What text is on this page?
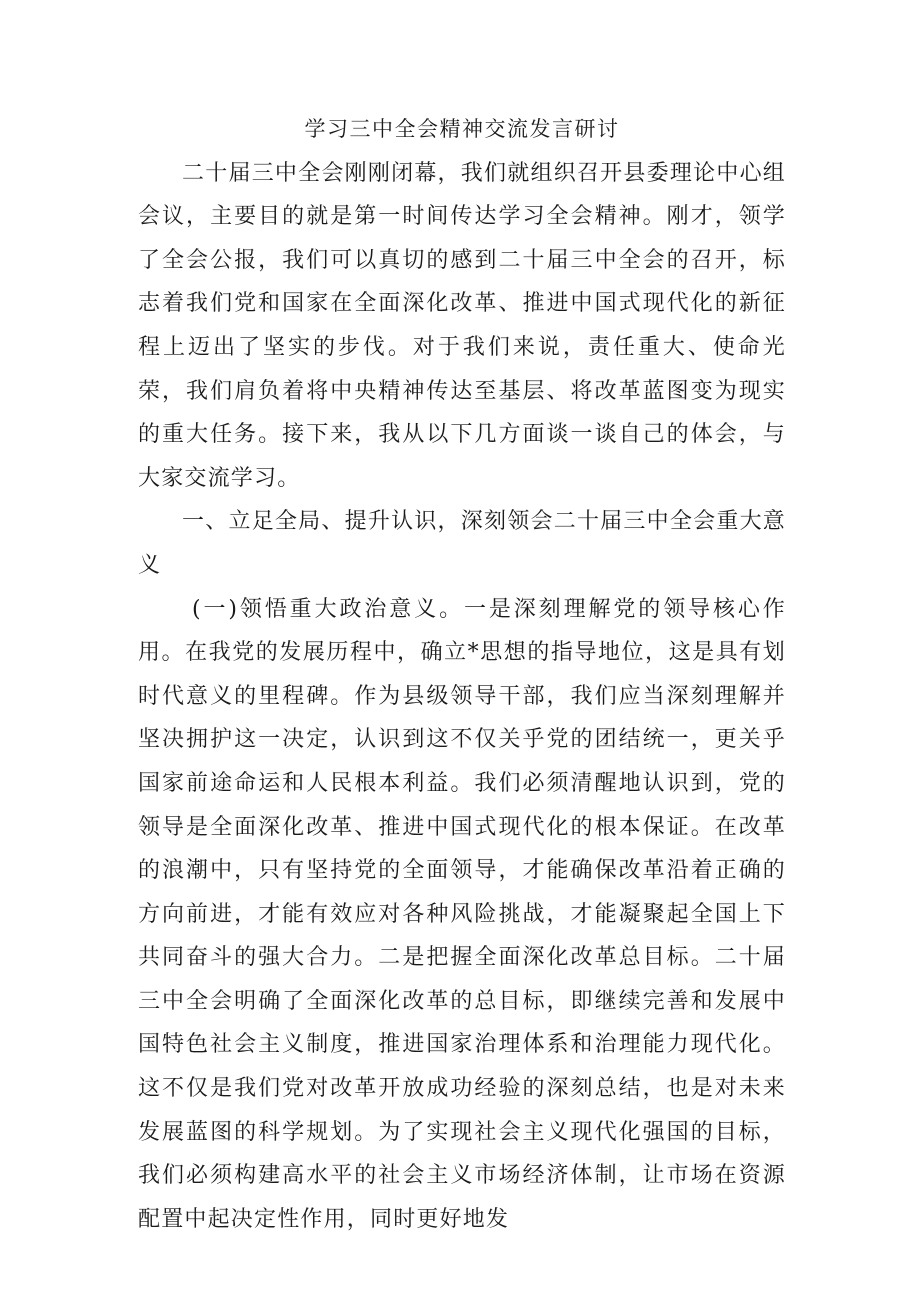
学习三中全会精神交流发言研讨

二十届三中全会刚刚闭幕，我们就组织召开县委理论中心组会议，主要目的就是第一时间传达学习全会精神。刚才，领学了全会公报，我们可以真切的感到二十届三中全会的召开，标志着我们党和国家在全面深化改革、推进中国式现代化的新征程上迈出了坚实的步伐。对于我们来说，责任重大、使命光荣，我们肩负着将中央精神传达至基层、将改革蓝图变为现实的重大任务。接下来，我从以下几方面谈一谈自己的体会，与大家交流学习。

一、立足全局、提升认识，深刻领会二十届三中全会重大意义

(一)领悟重大政治意义。一是深刻理解党的领导核心作用。在我党的发展历程中，确立*思想的指导地位，这是具有划时代意义的里程碑。作为县级领导干部，我们应当深刻理解并坚决拥护这一决定，认识到这不仅关乎党的团结统一，更关乎国家前途命运和人民根本利益。我们必须清醒地认识到，党的领导是全面深化改革、推进中国式现代化的根本保证。在改革的浪潮中，只有坚持党的全面领导，才能确保改革沿着正确的方向前进，才能有效应对各种风险挑战，才能凝聚起全国上下共同奋斗的强大合力。二是把握全面深化改革总目标。二十届三中全会明确了全面深化改革的总目标，即继续完善和发展中国特色社会主义制度，推进国家治理体系和治理能力现代化。这不仅是我们党对改革开放成功经验的深刻总结，也是对未来发展蓝图的科学规划。为了实现社会主义现代化强国的目标，我们必须构建高水平的社会主义市场经济体制，让市场在资源配置中起决定性作用，同时更好地发
